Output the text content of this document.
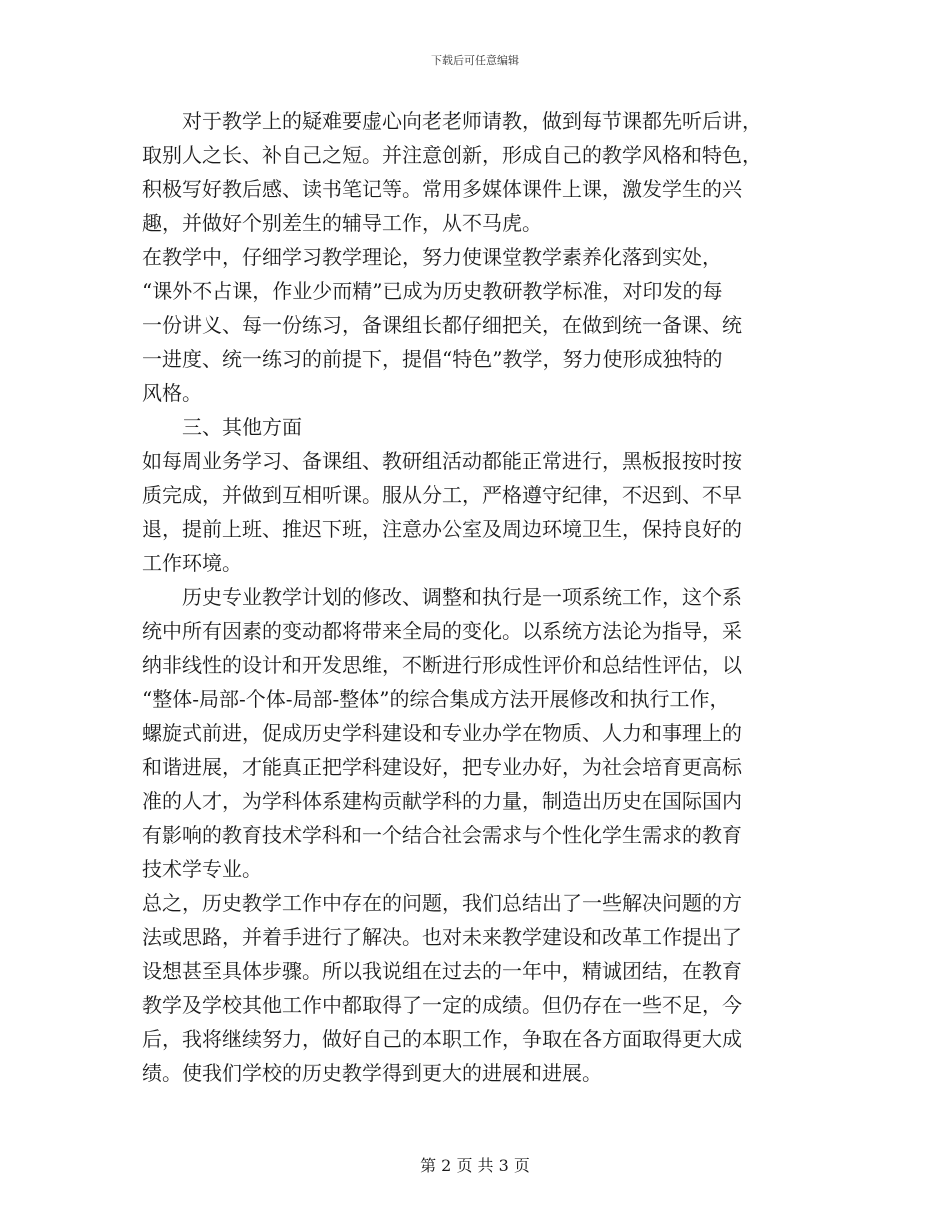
下载后可任意编辑
　　对于教学上的疑难要虚心向老老师请教，做到每节课都先听后讲，
取别人之长、补自己之短。并注意创新，形成自己的教学风格和特色，
积极写好教后感、读书笔记等。常用多媒体课件上课，激发学生的兴
趣，并做好个别差生的辅导工作，从不马虎。
在教学中，仔细学习教学理论，努力使课堂教学素养化落到实处，
“课外不占课，作业少而精”已成为历史教研教学标准，对印发的每
一份讲义、每一份练习，备课组长都仔细把关，在做到统一备课、统
一进度、统一练习的前提下，提倡“特色”教学，努力使形成独特的
风格。
　　三、其他方面
如每周业务学习、备课组、教研组活动都能正常进行，黑板报按时按
质完成，并做到互相听课。服从分工，严格遵守纪律，不迟到、不早
退，提前上班、推迟下班，注意办公室及周边环境卫生，保持良好的
工作环境。
　　历史专业教学计划的修改、调整和执行是一项系统工作，这个系
统中所有因素的变动都将带来全局的变化。以系统方法论为指导，采
纳非线性的设计和开发思维，不断进行形成性评价和总结性评估，以
“整体-局部-个体-局部-整体”的综合集成方法开展修改和执行工作，
螺旋式前进，促成历史学科建设和专业办学在物质、人力和事理上的
和谐进展，才能真正把学科建设好，把专业办好，为社会培育更高标
准的人才，为学科体系建构贡献学科的力量，制造出历史在国际国内
有影响的教育技术学科和一个结合社会需求与个性化学生需求的教育
技术学专业。
总之，历史教学工作中存在的问题，我们总结出了一些解决问题的方
法或思路，并着手进行了解决。也对未来教学建设和改革工作提出了
设想甚至具体步骤。所以我说组在过去的一年中，精诚团结，在教育
教学及学校其他工作中都取得了一定的成绩。但仍存在一些不足，今
后，我将继续努力，做好自己的本职工作，争取在各方面取得更大成
绩。使我们学校的历史教学得到更大的进展和进展。
第 2 页 共 3 页
